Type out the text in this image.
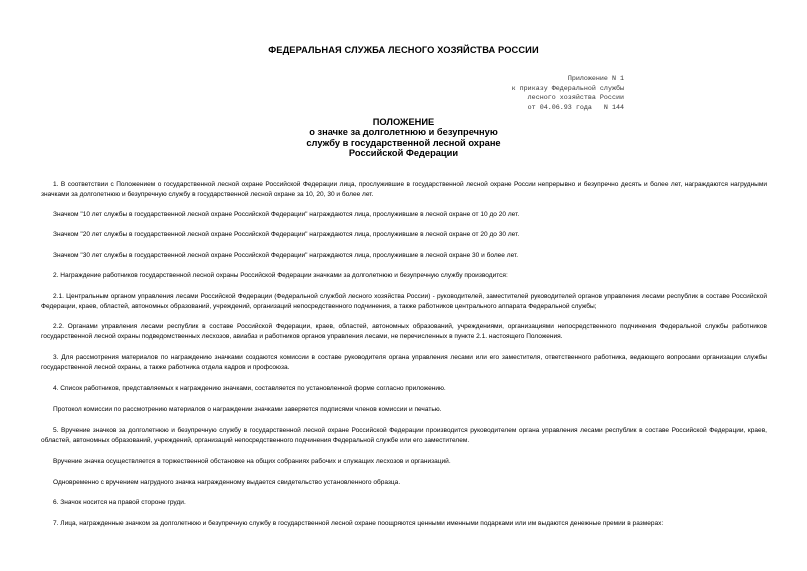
ФЕДЕРАЛЬНАЯ СЛУЖБА ЛЕСНОГО ХОЗЯЙСТВА РОССИИ
Приложение N 1
к приказу Федеральной службы
лесного хозяйства России
от 04.06.93 года   N 144
ПОЛОЖЕНИЕ
о значке за долголетнюю и безупречную
службу в государственной лесной охране
Российской Федерации

1. В соответствии с Положением о государственной лесной охране Российской Федерации лица, прослужившие в государственной лесной охране России непрерывно и безупречно десять и более лет, награждаются нагрудными значками за долголетнюю и безупречную службу в государственной лесной охране за 10, 20, 30 и более лет.

Значком "10 лет службы в государственной лесной охране Российской Федерации" награждаются лица, прослужившие в лесной охране от 10 до 20 лет.

Значком "20 лет службы в государственной лесной охране Российской Федерации" награждаются лица, прослужившие в лесной охране от 20 до 30 лет.

Значком "30 лет службы в государственной лесной охране Российской Федерации" награждаются лица, прослужившие в лесной охране 30 и более лет.

2. Награждение работников государственной лесной охраны Российской Федерации значками за долголетнюю и безупречную службу производится:

2.1. Центральным органом управления лесами Российской Федерации (Федеральной службой лесного хозяйства России) - руководителей, заместителей руководителей органов управления лесами республик в составе Российской Федерации, краев, областей, автономных образований, учреждений, организаций непосредственного подчинения, а также работников центрального аппарата Федеральной службы;

2.2. Органами управления лесами республик в составе Российской Федерации, краев, областей, автономных образований, учреждениями, организациями непосредственного подчинения Федеральной службы работников государственной лесной охраны подведомственных лесхозов, авиабаз и работников органов управления лесами, не перечисленных в пункте 2.1. настоящего Положения.

3. Для рассмотрения материалов по награждению значками создаются комиссии в составе руководителя органа управления лесами или его заместителя, ответственного работника, ведающего вопросами организации службы государственной лесной охраны, а также работника отдела кадров и профсоюза.

4. Список работников, представляемых к награждению значками, составляется по установленной форме согласно приложению.

Протокол комиссии по рассмотрению материалов о награждении значками заверяется подписями членов комиссии и печатью.

5. Вручение значков за долголетнюю и безупречную службу в государственной лесной охране Российской Федерации производится руководителем органа управления лесами республик в составе Российской Федерации, краев, областей, автономных образований, учреждений, организаций непосредственного подчинения Федеральной службе или его заместителем.

Вручение значка осуществляется в торжественной обстановке на общих собраниях рабочих и служащих лесхозов и организаций.

Одновременно с вручением нагрудного значка награжденному выдается свидетельство установленного образца.

6. Значок носится на правой стороне груди.

7. Лица, награжденные значком за долголетнюю и безупречную службу в государственной лесной охране поощряются ценными именными подарками или им выдаются денежные премии в размерах:
